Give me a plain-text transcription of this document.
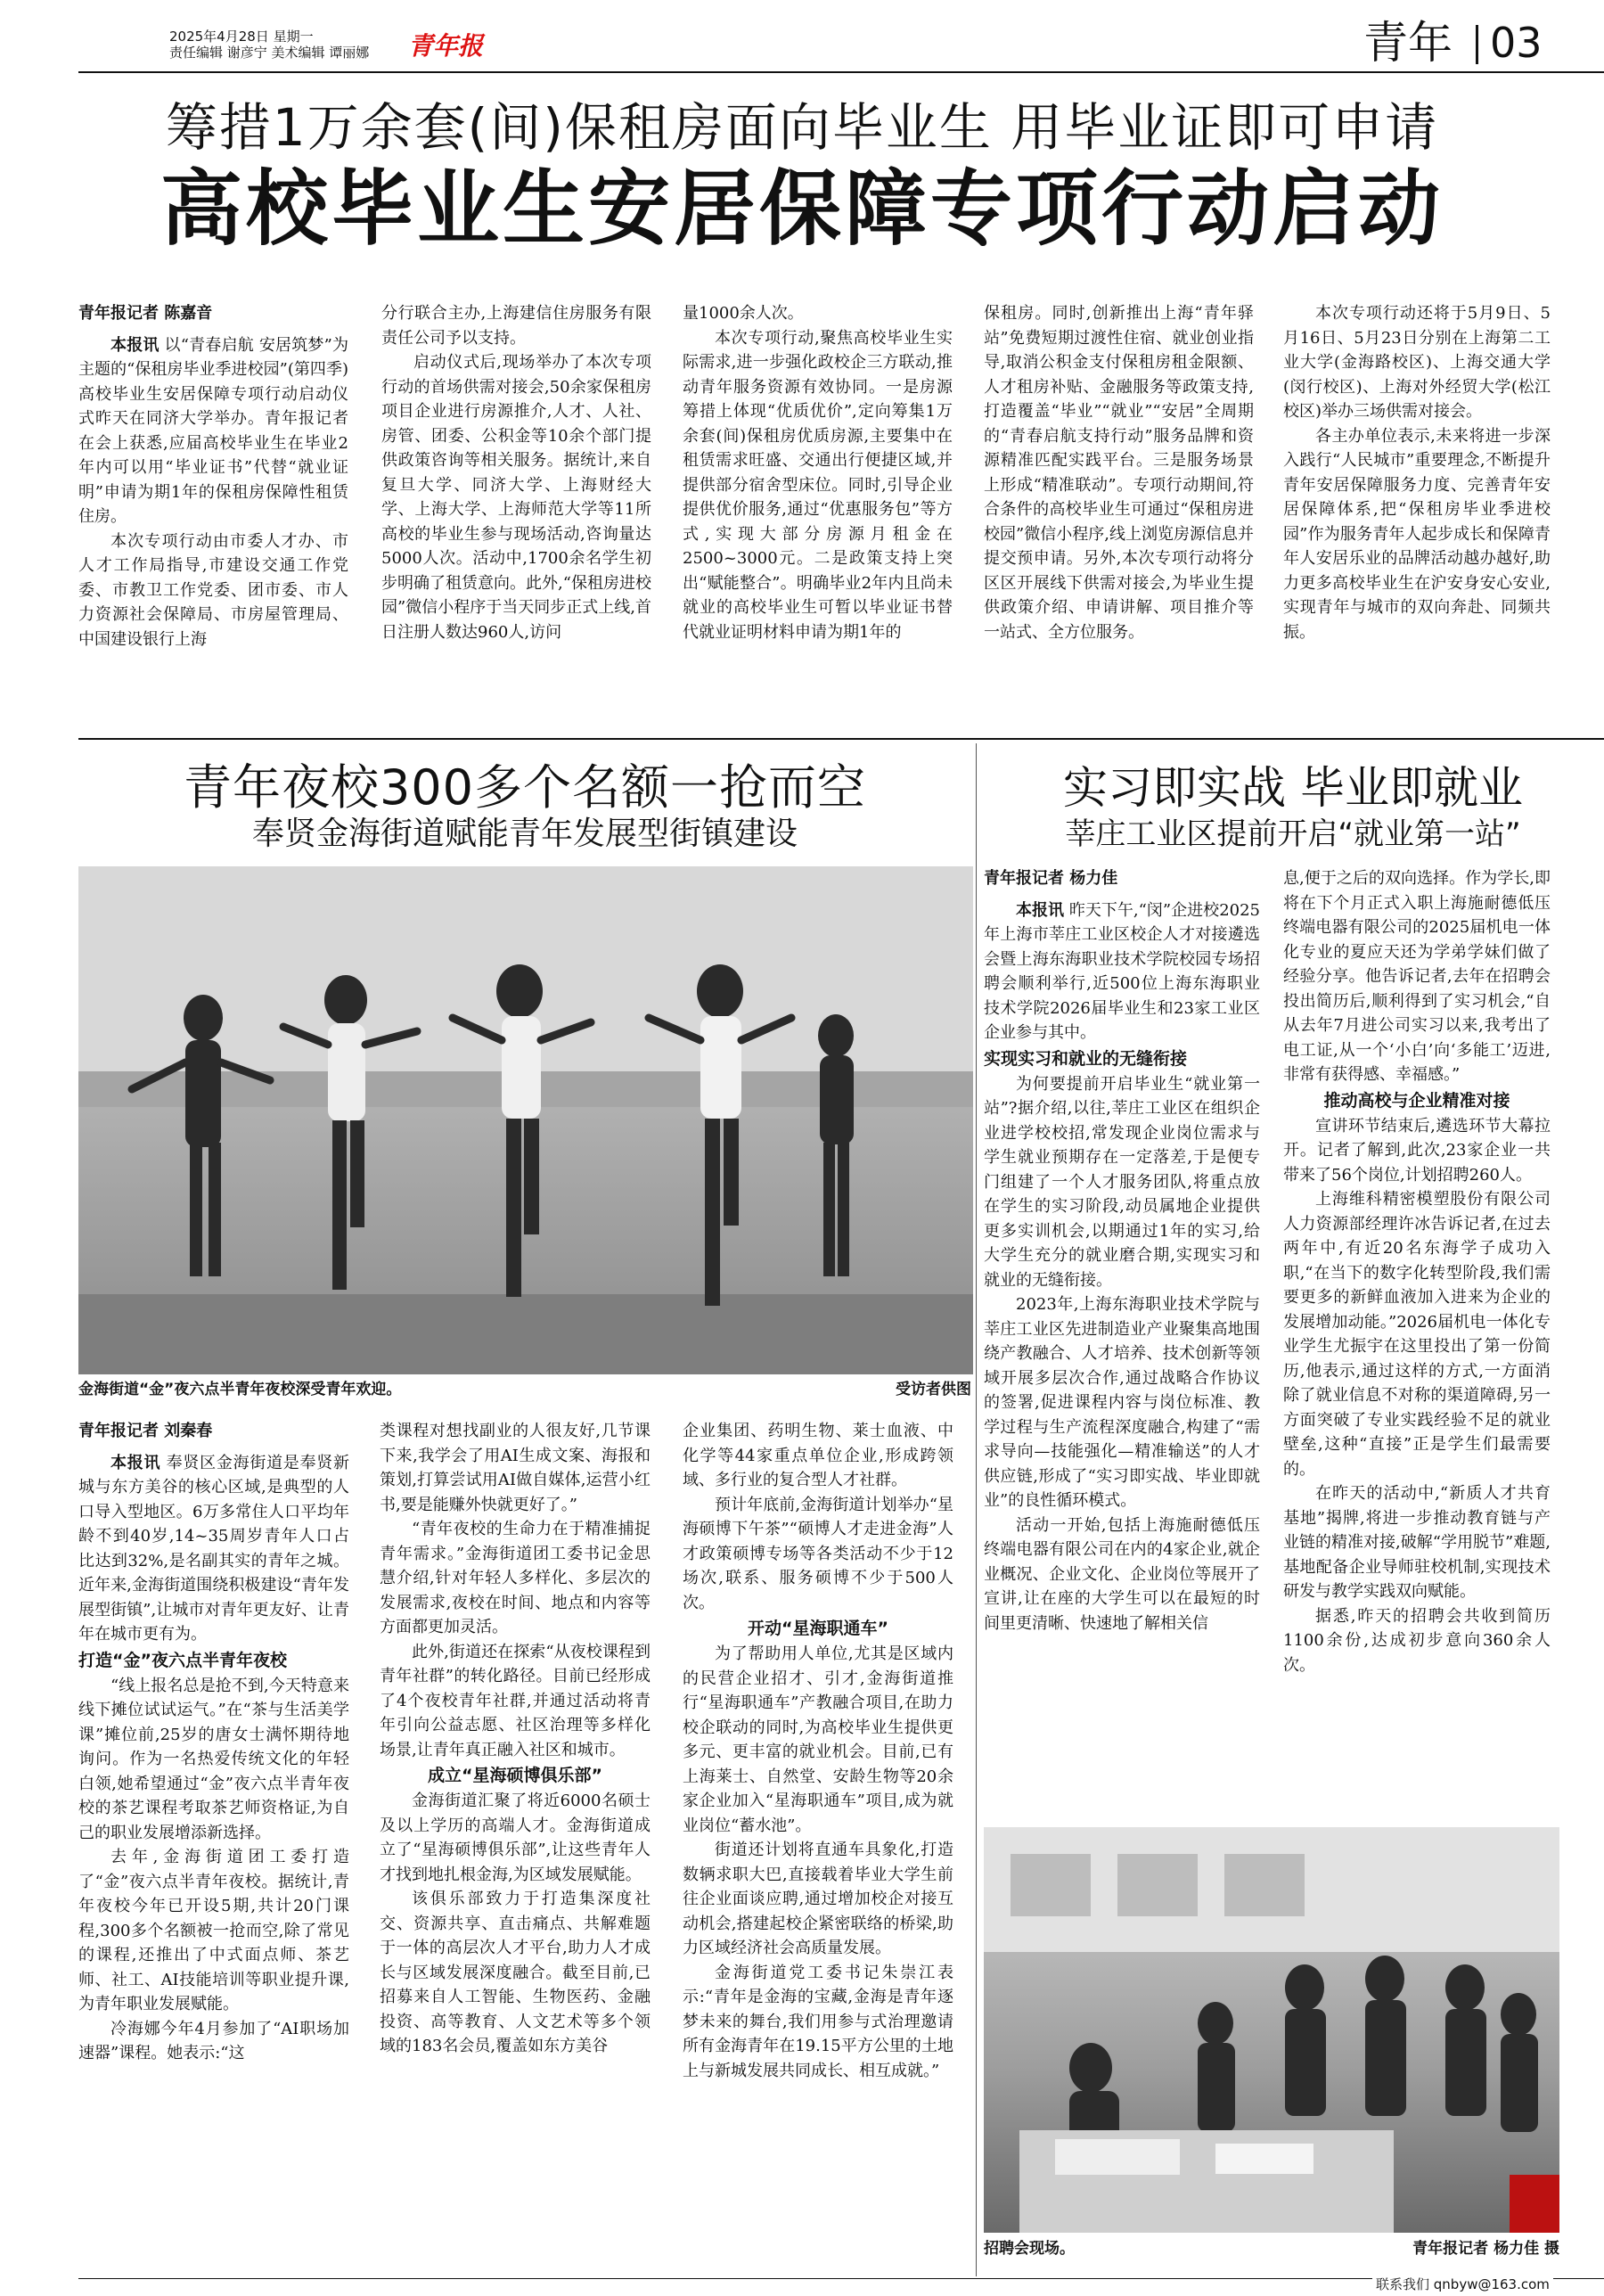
2025年4月28日 星期一
责任编辑 谢彦宁 美术编辑 谭丽娜 青年报	青年 03
筹措1万余套(间)保租房面向毕业生 用毕业证即可申请
高校毕业生安居保障专项行动启动
青年报记者 陈嘉音

本报讯 以“青春启航 安居筑梦”为主题的“保租房毕业季进校园”(第四季)高校毕业生安居保障专项行动启动仪式昨天在同济大学举办。青年报记者在会上获悉,应届高校毕业生在毕业2年内可以用“毕业证书”代替“就业证明”申请为期1年的保租房保障性租赁住房。

本次专项行动由市委人才办、市人才工作局指导,市建设交通工作党委、市教卫工作党委、团市委、市人力资源社会保障局、市房屋管理局、中国建设银行上海

分行联合主办,上海建信住房服务有限责任公司予以支持。

启动仪式后,现场举办了本次专项行动的首场供需对接会,50余家保租房项目企业进行房源推介,人才、人社、房管、团委、公积金等10余个部门提供政策咨询等相关服务。据统计,来自复旦大学、同济大学、上海财经大学、上海大学、上海师范大学等11所高校的毕业生参与现场活动,咨询量达5000人次。活动中,1700余名学生初步明确了租赁意向。此外,“保租房进校园”微信小程序于当天同步正式上线,首日注册人数达960人,访问

量1000余人次。

本次专项行动,聚焦高校毕业生实际需求,进一步强化政校企三方联动,推动青年服务资源有效协同。一是房源筹措上体现“优质优价”,定向筹集1万余套(间)保租房优质房源,主要集中在租赁需求旺盛、交通出行便捷区域,并提供部分宿舍型床位。同时,引导企业提供优价服务,通过“优惠服务包”等方式,实现大部分房源月租金在2500~3000元。二是政策支持上突出“赋能整合”。明确毕业2年内且尚未就业的高校毕业生可暂以毕业证书替代就业证明材料申请为期1年的

保租房。同时,创新推出上海“青年驿站”免费短期过渡性住宿、就业创业指导,取消公积金支付保租房租金限额、人才租房补贴、金融服务等政策支持,打造覆盖“毕业”“就业”“安居”全周期的“青春启航支持行动”服务品牌和资源精准匹配实践平台。三是服务场景上形成“精准联动”。专项行动期间,符合条件的高校毕业生可通过“保租房进校园”微信小程序,线上浏览房源信息并提交预申请。另外,本次专项行动将分区区开展线下供需对接会,为毕业生提供政策介绍、申请讲解、项目推介等一站式、全方位服务。

本次专项行动还将于5月9日、5月16日、5月23日分别在上海第二工业大学(金海路校区)、上海交通大学(闵行校区)、上海对外经贸大学(松江校区)举办三场供需对接会。

各主办单位表示,未来将进一步深入践行“人民城市”重要理念,不断提升青年安居保障服务力度、完善青年安居保障体系,把“保租房毕业季进校园”作为服务青年人起步成长和保障青年人安居乐业的品牌活动越办越好,助力更多高校毕业生在沪安身安心安业,实现青年与城市的双向奔赴、同频共振。

青年夜校300多个名额一抢而空
奉贤金海街道赋能青年发展型街镇建设
实习即实战 毕业即就业
莘庄工业区提前开启“就业第一站”
金海街道“金”夜六点半青年夜校深受青年欢迎。	受访者供图
青年报记者 刘秦春

本报讯 奉贤区金海街道是奉贤新城与东方美谷的核心区域,是典型的人口导入型地区。6万多常住人口平均年龄不到40岁,14~35周岁青年人口占比达到32%,是名副其实的青年之城。近年来,金海街道围绕积极建设“青年发展型街镇”,让城市对青年更友好、让青年在城市更有为。

打造“金”夜六点半青年夜校

“线上报名总是抢不到,今天特意来线下摊位试试运气。”在“茶与生活美学课”摊位前,25岁的唐女士满怀期待地询问。作为一名热爱传统文化的年轻白领,她希望通过“金”夜六点半青年夜校的茶艺课程考取茶艺师资格证,为自己的职业发展增添新选择。

去年,金海街道团工委打造了“金”夜六点半青年夜校。据统计,青年夜校今年已开设5期,共计20门课程,300多个名额被一抢而空,除了常见的课程,还推出了中式面点师、茶艺师、社工、AI技能培训等职业提升课,为青年职业发展赋能。

冷海娜今年4月参加了“AI职场加速器”课程。她表示:“这

类课程对想找副业的人很友好,几节课下来,我学会了用AI生成文案、海报和策划,打算尝试用AI做自媒体,运营小红书,要是能赚外快就更好了。”

“青年夜校的生命力在于精准捕捉青年需求。”金海街道团工委书记金思慧介绍,针对年轻人多样化、多层次的发展需求,夜校在时间、地点和内容等方面都更加灵活。

此外,街道还在探索“从夜校课程到青年社群”的转化路径。目前已经形成了4个夜校青年社群,并通过活动将青年引向公益志愿、社区治理等多样化场景,让青年真正融入社区和城市。

成立“星海硕博俱乐部”

金海街道汇聚了将近6000名硕士及以上学历的高端人才。金海街道成立了“星海硕博俱乐部”,让这些青年人才找到地扎根金海,为区域发展赋能。

该俱乐部致力于打造集深度社交、资源共享、直击痛点、共解难题于一体的高层次人才平台,助力人才成长与区域发展深度融合。截至目前,已招募来自人工智能、生物医药、金融投资、高等教育、人文艺术等多个领域的183名会员,覆盖如东方美谷

企业集团、药明生物、莱士血液、中化学等44家重点单位企业,形成跨领域、多行业的复合型人才社群。

预计年底前,金海街道计划举办“星海硕博下午茶”“硕博人才走进金海”人才政策硕博专场等各类活动不少于12场次,联系、服务硕博不少于500人次。

开动“星海职通车”

为了帮助用人单位,尤其是区域内的民营企业招才、引才,金海街道推行“星海职通车”产教融合项目,在助力校企联动的同时,为高校毕业生提供更多元、更丰富的就业机会。目前,已有上海莱士、自然堂、安龄生物等20余家企业加入“星海职通车”项目,成为就业岗位“蓄水池”。

街道还计划将直通车具象化,打造数辆求职大巴,直接载着毕业大学生前往企业面谈应聘,通过增加校企对接互动机会,搭建起校企紧密联络的桥梁,助力区域经济社会高质量发展。

金海街道党工委书记朱崇江表示:“青年是金海的宝藏,金海是青年逐梦未来的舞台,我们用参与式治理邀请所有金海青年在19.15平方公里的土地上与新城发展共同成长、相互成就。”

青年报记者 杨力佳

本报讯 昨天下午,“闵”企进校2025年上海市莘庄工业区校企人才对接遴选会暨上海东海职业技术学院校园专场招聘会顺利举行,近500位上海东海职业技术学院2026届毕业生和23家工业区企业参与其中。

实现实习和就业的无缝衔接

为何要提前开启毕业生“就业第一站”?据介绍,以往,莘庄工业区在组织企业进学校校招,常发现企业岗位需求与学生就业预期存在一定落差,于是便专门组建了一个人才服务团队,将重点放在学生的实习阶段,动员属地企业提供更多实训机会,以期通过1年的实习,给大学生充分的就业磨合期,实现实习和就业的无缝衔接。

2023年,上海东海职业技术学院与莘庄工业区先进制造业产业聚集高地围绕产教融合、人才培养、技术创新等领域开展多层次合作,通过战略合作协议的签署,促进课程内容与岗位标准、教学过程与生产流程深度融合,构建了“需求导向—技能强化—精准输送”的人才供应链,形成了“实习即实战、毕业即就业”的良性循环模式。

活动一开始,包括上海施耐德低压终端电器有限公司在内的4家企业,就企业概况、企业文化、企业岗位等展开了宣讲,让在座的大学生可以在最短的时间里更清晰、快速地了解相关信

息,便于之后的双向选择。作为学长,即将在下个月正式入职上海施耐德低压终端电器有限公司的2025届机电一体化专业的夏应天还为学弟学妹们做了经验分享。他告诉记者,去年在招聘会投出简历后,顺利得到了实习机会,“自从去年7月进公司实习以来,我考出了电工证,从一个‘小白’向‘多能工’迈进,非常有获得感、幸福感。”

推动高校与企业精准对接

宣讲环节结束后,遴选环节大幕拉开。记者了解到,此次,23家企业一共带来了56个岗位,计划招聘260人。

上海维科精密模塑股份有限公司人力资源部经理许冰告诉记者,在过去两年中,有近20名东海学子成功入职,“在当下的数字化转型阶段,我们需要更多的新鲜血液加入进来为企业的发展增加动能。”2026届机电一体化专业学生尤振宇在这里投出了第一份简历,他表示,通过这样的方式,一方面消除了就业信息不对称的渠道障碍,另一方面突破了专业实践经验不足的就业壁垒,这种“直接”正是学生们最需要的。

在昨天的活动中,“新质人才共育基地”揭牌,将进一步推动教育链与产业链的精准对接,破解“学用脱节”难题,基地配备企业导师驻校机制,实现技术研发与教学实践双向赋能。

据悉,昨天的招聘会共收到简历1100余份,达成初步意向360余人次。

招聘会现场。	青年报记者 杨力佳 摄
联系我们 qnbyw@163.com
